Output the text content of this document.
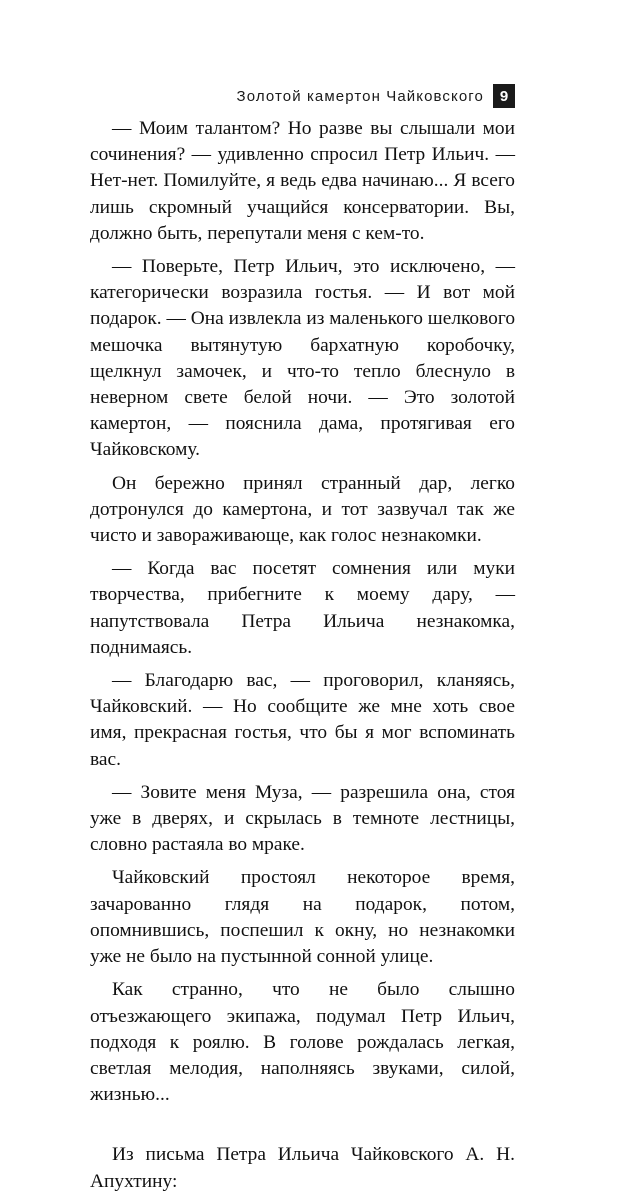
Золотой камертон Чайковского	9

— Моим талантом? Но разве вы слышали мои сочинения? — удивленно спросил Петр Ильич. — Нет-нет. Помилуйте, я ведь едва начинаю... Я всего лишь скромный учащийся консерватории. Вы, должно быть, перепутали меня с кем-то.

— Поверьте, Петр Ильич, это исключено, — категорически возразила гостья. — И вот мой подарок. — Она извлекла из маленького шелкового мешочка вытянутую бархатную коробочку, щелкнул замочек, и что-то тепло блеснуло в неверном свете белой ночи. — Это золотой камертон, — пояснила дама, протягивая его Чайковскому.

Он бережно принял странный дар, легко дотронулся до камертона, и тот зазвучал так же чисто и завораживающе, как голос незнакомки.

— Когда вас посетят сомнения или муки творчества, прибегните к моему дару, — напутствовала Петра Ильича незнакомка, поднимаясь.

— Благодарю вас, — проговорил, кланяясь, Чайковский. — Но сообщите же мне хоть свое имя, прекрасная гостья, что бы я мог вспоминать вас.

— Зовите меня Муза, — разрешила она, стоя уже в дверях, и скрылась в темноте лестницы, словно растаяла во мраке.

Чайковский простоял некоторое время, зачарованно глядя на подарок, потом, опомнившись, поспешил к окну, но незнакомки уже не было на пустынной сонной улице.

Как странно, что не было слышно отъезжающего экипажа, подумал Петр Ильич, подходя к роялю. В голове рождалась легкая, светлая мелодия, наполняясь звуками, силой, жизнью...

Из письма Петра Ильича Чайковского А. Н. Апухтину:
